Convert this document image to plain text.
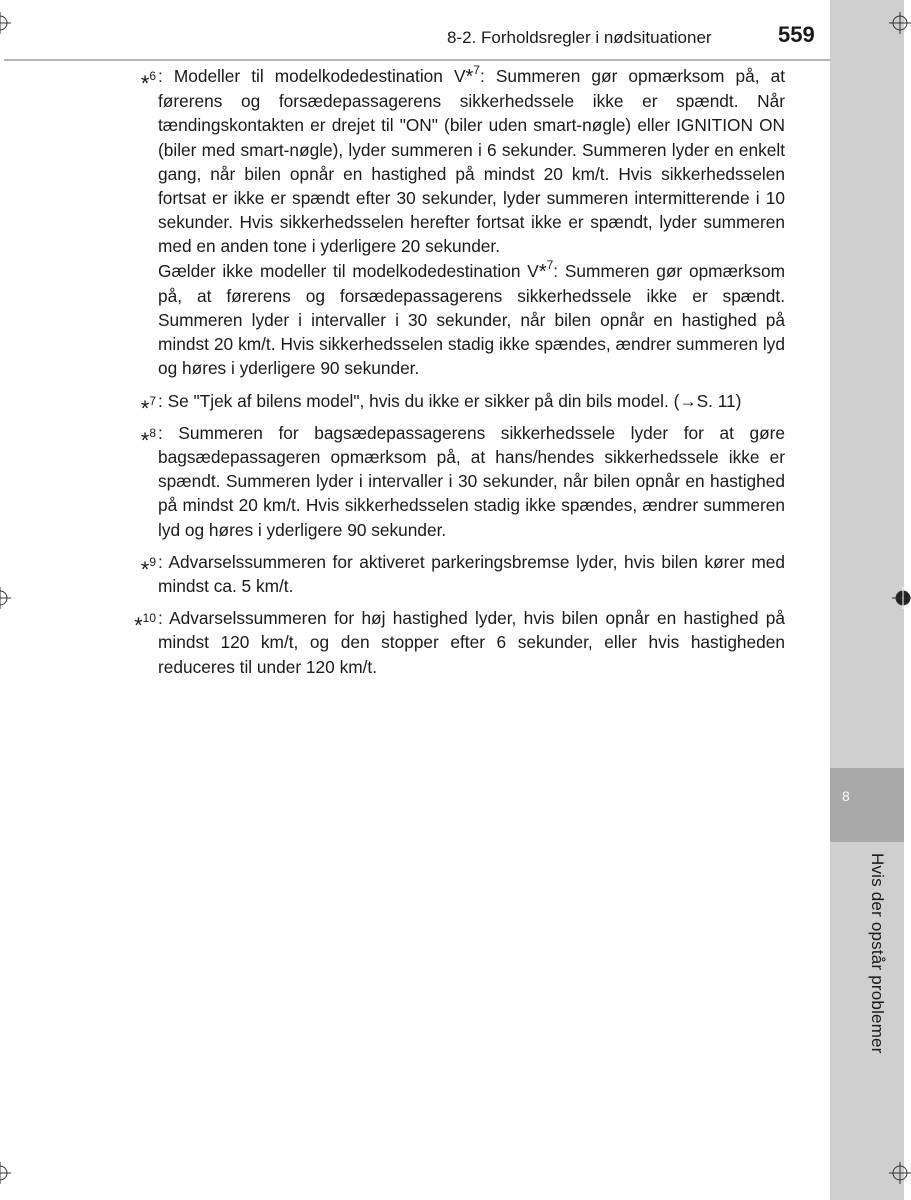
8
Hvis der opstår problemer
8-2. Forholdsregler i nødsituationer	559
*$^6$ : Modeller til modelkodedestination V*$^7$: Summeren gør opmærksom på, at førerens og forsædepassagerens sikkerhedssele ikke er spændt. Når tændingskontakten er drejet til "ON" (biler uden smart-nøgle) eller IGNITION ON (biler med smart-nøgle), lyder summeren i 6 sekunder. Summeren lyder en enkelt gang, når bilen opnår en hastighed på mindst 20 km/t. Hvis sikkerhedsselen fortsat er ikke er spændt efter 30 sekunder, lyder summeren intermitterende i 10 sekunder. Hvis sikkerhedsselen herefter fortsat ikke er spændt, lyder summeren med en anden tone i yderligere 20 sekunder.

Gælder ikke modeller til modelkodedestination V*$^7$: Summeren gør opmærksom på, at førerens og forsædepassagerens sikkerhedssele ikke er spændt. Summeren lyder i intervaller i 30 sekunder, når bilen opnår en hastighed på mindst 20 km/t. Hvis sikkerhedsselen stadig ikke spændes, ændrer summeren lyd og høres i yderligere 90 sekunder.

*$^7$ : Se "Tjek af bilens model", hvis du ikke er sikker på din bils model. (→S. 11)

*$^8$ : Summeren for bagsædepassagerens sikkerhedssele lyder for at gøre bagsædepassageren opmærksom på, at hans/hendes sikkerhedssele ikke er spændt. Summeren lyder i intervaller i 30 sekunder, når bilen opnår en hastighed på mindst 20 km/t. Hvis sikkerhedsselen stadig ikke spændes, ændrer summeren lyd og høres i yderligere 90 sekunder.

*$^9$ : Advarselssummeren for aktiveret parkeringsbremse lyder, hvis bilen kører med mindst ca. 5 km/t.

*$^{10}$ : Advarselssummeren for høj hastighed lyder, hvis bilen opnår en hastighed på mindst 120 km/t, og den stopper efter 6 sekunder, eller hvis hastigheden reduceres til under 120 km/t.
